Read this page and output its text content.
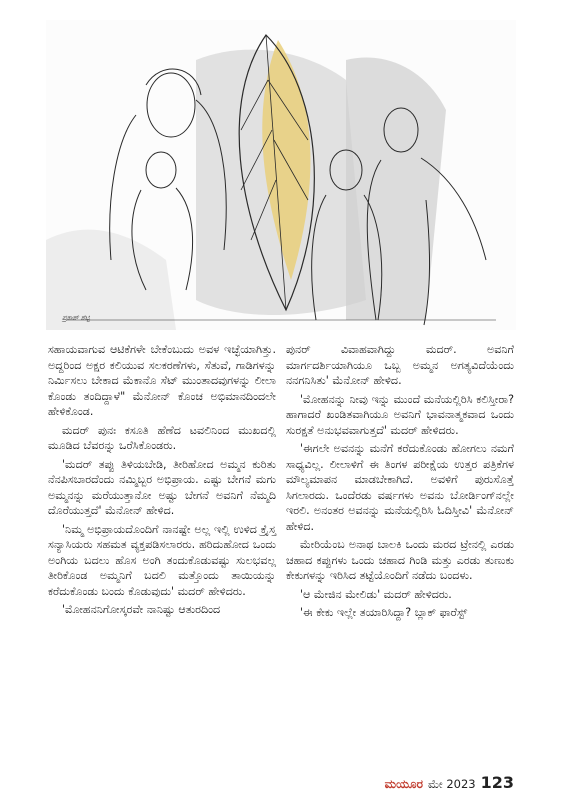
ಪ್ರಕಾಶ್ ಶೆಟ್ಟಿ

ಸಹಾಯವಾಗುವ ಆಟಿಕೆಗಳೇ ಬೇಕೆಂಬುದು ಅವಳ ಇಚ್ಛೆಯಾಗಿತ್ತು. ಅದ್ದರಿಂದ ಅಕ್ಷರ ಕಲಿಯುವ ಸಲಕರಣೆಗಳು, ಸೆತುವೆ, ಗಾಡಿಗಳನ್ನು ನಿರ್ಮಿಸಲು ಬೇಕಾದ ಮೆಕಾನೊ ಸೆಟ್ ಮುಂತಾದವುಗಳನ್ನು ಲೀಲಾ ಕೊಂಡು ತಂದಿದ್ದಾಳೆ" ಮೆನೋನ್ ಕೊಂಚ ಅಭಿಮಾನದಿಂದಲೇ ಹೇಳಿಕೊಂಡ.

ಮದರ್ ಪುನಃ ಕಸೂತಿ ಹೆಣೆದ ಟವಲಿನಿಂದ ಮುಖದಲ್ಲಿ ಮೂಡಿದ ಬೆವರನ್ನು ಒರೆಸಿಕೊಂಡರು.

'ಮದರ್ ತಪ್ಪು ತಿಳಿಯಬೇಡಿ, ತೀರಿಹೋದ ಅಮ್ಮನ ಕುರಿತು ನೆನಪಿಸಬಾರದೆಂದು ನಮ್ಮಿಬ್ಬರ ಅಭಿಪ್ರಾಯ. ಎಷ್ಟು ಬೇಗನೆ ಮಗು ಅಮ್ಮನನ್ನು ಮರೆಯುತ್ತಾನೋ ಅಷ್ಟು ಬೇಗನೆ ಅವನಿಗೆ ನೆಮ್ಮದಿ ದೊರೆಯುತ್ತದೆ' ಮೆನೋನ್ ಹೇಳಿದ.

'ನಿಮ್ಮ ಅಭಿಪ್ರಾಯದೊಂದಿಗೆ ನಾನಷ್ಟೇ ಅಲ್ಲ ಇಲ್ಲಿ ಉಳಿದ ಕ್ರೈಸ್ತ ಸನ್ಯಾಸಿಯರು ಸಹಮತ ವ್ಯಕ್ತಪಡಿಸಲಾರರು. ಹರಿದುಹೋದ ಒಂದು ಅಂಗಿಯ ಬದಲು ಹೊಸ ಅಂಗಿ ತಂದುಕೊಡುವಷ್ಟು ಸುಲಭವಲ್ಲ ತೀರಿಕೊಂಡ ಅಮ್ಮನಿಗೆ ಬದಲಿ ಮತ್ತೊಂದು ತಾಯಿಯನ್ನು ಕರೆದುಕೊಂಡು ಬಂದು ಕೊಡುವುದು' ಮದರ್ ಹೇಳಿದರು.

'ಮೋಹನನಿಗೋಸ್ಕರವೇ ನಾನಿಷ್ಟು ಆತುರದಿಂದ

ಪುನರ್ ವಿವಾಹವಾಗಿದ್ದು ಮದರ್. ಅವನಿಗೆ ಮಾರ್ಗದರ್ಶಿಯಾಗಿಯೂ ಒಬ್ಬ ಅಮ್ಮನ ಅಗತ್ಯವಿದೆಯೆಂದು ನನಗನಿಸಿತು' ಮೆನೋನ್ ಹೇಳಿದ.

'ಮೋಹನನ್ನು ನೀವು ಇನ್ನು ಮುಂದೆ ಮನೆಯಲ್ಲಿರಿಸಿ ಕಲಿಸ್ತೀರಾ? ಹಾಗಾದರೆ ಖಂಡಿತವಾಗಿಯೂ ಅವನಿಗೆ ಭಾವನಾತ್ಮಕವಾದ ಒಂದು ಸುರಕ್ಷತೆ ಅನುಭವವಾಗುತ್ತದೆ' ಮದರ್ ಹೇಳಿದರು.

'ಈಗಲೇ ಅವನನ್ನು ಮನೆಗೆ ಕರೆದುಕೊಂಡು ಹೋಗಲು ನಮಗೆ ಸಾಧ್ಯವಿಲ್ಲ. ಲೀಲಾಳಿಗೆ ಈ ತಿಂಗಳ ಪರೀಕ್ಷೆಯ ಉತ್ತರ ಪತ್ರಿಕೆಗಳ ಮೌಲ್ಯಮಾಪನ ಮಾಡಬೇಕಾಗಿದೆ. ಅವಳಿಗೆ ಪುರುಸೊತ್ತೆ ಸಿಗಲಾರದು. ಒಂದೆರಡು ವರ್ಷಗಳು ಅವನು ಬೋರ್ಡಿಂಗ್‌ನಲ್ಲೇ ಇರಲಿ. ಅನಂತರ ಅವನನ್ನು ಮನೆಯಲ್ಲಿರಿಸಿ ಓದಿಸ್ತೀವಿ' ಮೆನೋನ್ ಹೇಳಿದ.

ಮೇರಿಯೆಂಬ ಅನಾಥ ಬಾಲಕಿ ಒಂದು ಮರದ ಟ್ರೇನಲ್ಲಿ ಎರಡು ಚಹಾದ ಕಪ್ಪುಗಳು ಒಂದು ಚಹಾದ ಗಿಂಡಿ ಮತ್ತು ಎರಡು ತುಣುಕು ಕೇಕುಗಳನ್ನು ಇರಿಸಿದ ತಟ್ಟೆಯೊಂದಿಗೆ ನಡೆದು ಬಂದಳು.

'ಆ ಮೇಜಿನ ಮೇಲಿಡು' ಮದರ್ ಹೇಳಿದರು.

'ಈ ಕೇಕು ಇಲ್ಲೇ ತಯಾರಿಸಿದ್ದಾ? ಬ್ಲಾಕ್ ಫಾರೆಸ್ಟ್

ಮಯೂರ ಮೇ 2023 123
